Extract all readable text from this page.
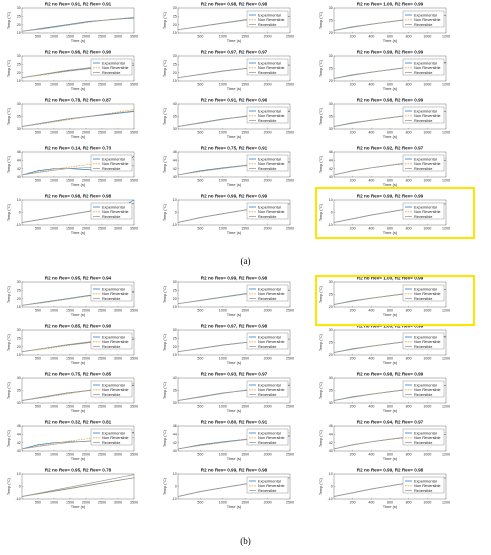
R2 no Rev= 0.91, R2 Rev= 0.91
500	1000 1500 2000 2500 3000 3500
15
20
25
30
Time (s)
Temp (°C)
R2 no Rev= 0.98, R2 Rev= 0.98
500	1000	1500	2000	2500
15
20
25
30
Time (s)
Temp (°C)	Experimental
Non Reversible
Reversible
R2 no Rev= 1.00, R2 Rev= 0.99
200	400	600	800	1000	1200
20
25
30
Time (s)
Temp (°C)	Experimental
Non Reversible
Reversible
R2 no Rev= 0.96, R2 Rev= 0.90
500	1000 1500 2000 2500 3000 3500
15
20
25
30
Time (s)
Temp (°C)	Experimental
Non Reversible
Reversible
R2 no Rev= 0.97, R2 Rev= 0.97
500	1000	1500	2000	2500
15
20
25
30
Time (s)
Temp (°C)	Experimental
Non Reversible
Reversible
R2 no Rev= 0.99, R2 Rev= 0.99
200	400	600	800	1000	1200
20
25
30
Time (s)
Temp (°C)	Experimental
Non Reversible
Reversible
R2 no Rev= 0.78, R2 Rev= 0.87
500	1000 1500 2000 2500 3000 3500
30
35
40
Time (s)
Temp (°C)
R2 no Rev= 0.91, R2 Rev= 0.96
500	1000	1500	2000	2500
30
35
40
Time (s)
Temp (°C)	Experimental
Non Reversible
Reversible
R2 no Rev= 0.98, R2 Rev= 0.99
200	400	600	800	1000	1200
30
35
40
Time (s)
Temp (°C)	Experimental
Non Reversible
Reversible
R2 no Rev= 0.14, R2 Rev= 0.73
500	1000 1500 2000 2500 3000 3500
40
42
44
46
Time (s)
Temp (°C)	Experimental
Non Reversible
Reversible
R2 no Rev= 0.75, R2 Rev= 0.91
500	1000	1500	2000	2500
40
42
44
46
Time (s)
Temp (°C)	Experimental
Non Reversible
Reversible
R2 no Rev= 0.92, R2 Rev= 0.97
200	400	600	800	1000	1200
40
42
44
46
Time (s)
Temp (°C)	Experimental
Non Reversible
Reversible
R2 no Rev= 0.98, R2 Rev= 0.98
500	1000 1500 2000 2500 3000 3500
-10
0
10
Time (s)
Temp (°C)	Experimental
Non Reversible
Reversible
R2 no Rev= 0.99, R2 Rev= 0.99
500	1000	1500	2000	2500
-10
0
10
Time (s)
Temp (°C)	Experimental
Non Reversible
Reversible
R2 no Rev= 0.99, R2 Rev= 0.99
200	400	600	800	1000	1200
-10
0
10
Time (s)
Temp (°C)	Experimental
Non Reversible
Reversible
R2 no Rev= 0.95, R2 Rev= 0.94
500	1000 1500 2000 2500 3000 3500
15
20
25
30
Time (s)
Temp (°C)	Experimental
Non Reversible
Reversible
R2 no Rev= 0.99, R2 Rev= 0.98
500	1000	1500	2000	2500
15
20
25
30
Time (s)
Temp (°C)	Experimental
Non Reversible
Reversible
R2 no Rev= 1.00, R2 Rev= 0.99
200	400	600	800	1000	1200
20
25
30
Time (s)
Temp (°C)	Experimental
Non Reversible
Reversible
R2 no Rev= 0.85, R2 Rev= 0.90
500	1000 1500 2000 2500 3000 3500
15
20
25
30
Time (s)
Temp (°C)	Experimental
Non Reversible
Reversible
R2 no Rev= 0.97, R2 Rev= 0.98
500	1000	1500	2000	2500
15
20
25
30
Time (s)
Temp (°C)	Experimental
Non Reversible
Reversible
R2 no Rev= 1.00, R2 Rev= 0.99
200	400	600	800	1000	1200
20
25
30
Time (s)
Temp (°C)	Experimental
Non Reversible
Reversible
R2 no Rev= 0.75, R2 Rev= 0.85
500	1000 1500 2000 2500 3000 3500
30
35
40
Time (s)
Temp (°C)	Experimental
Non Reversible
Reversible
R2 no Rev= 0.93, R2 Rev= 0.97
500	1000	1500	2000	2500
30
35
40
Time (s)
Temp (°C)	Experimental
Non Reversible
Reversible
R2 no Rev= 0.98, R2 Rev= 0.99
200	400	600	800	1000	1200
30
35
40
Time (s)
Temp (°C)	Experimental
Non Reversible
Reversible
R2 no Rev= 0.32, R2 Rev= 0.81
500	1000 1500 2000 2500 3000 3500
40
42
44
46
Time (s)
Temp (°C)	Experimental
Non Reversible
Reversible
R2 no Rev= 0.80, R2 Rev= 0.91
500	1000	1500	2000	2500
40
42
44
46
Time (s)
Temp (°C)	Experimental
Non Reversible
Reversible
R2 no Rev= 0.94, R2 Rev= 0.97
200	400	600	800	1000	1200
40
42
44
46
Time (s)
Temp (°C)	Experimental
Non Reversible
Reversible
R2 no Rev= 0.95, R2 Rev= 0.78
500	1000 1500 2000 2500 3000 3500
-10
0
10
Time (s)
Temp (°C)
R2 no Rev= 0.99, R2 Rev= 0.98
500	1000	1500	2000	2500
-10
0
10
Time (s)
Temp (°C)	Experimental
Non Reversible
Reversible
R2 no Rev= 0.99, R2 Rev= 0.98
200	400	600	800	1000	1200
-10
0
10
Time (s)
Temp (°C)	Experimental
Non Reversible
Reversible
(a)
(b)
